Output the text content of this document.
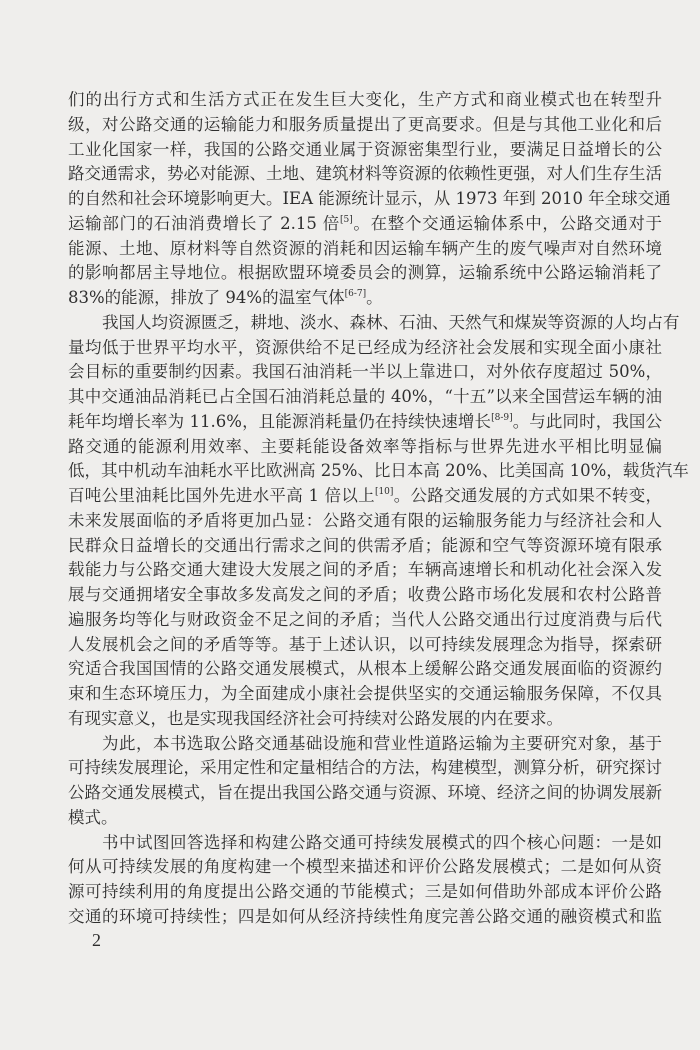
们的出行方式和生活方式正在发生巨大变化，生产方式和商业模式也在转型升
级，对公路交通的运输能力和服务质量提出了更高要求。但是与其他工业化和后
工业化国家一样，我国的公路交通业属于资源密集型行业，要满足日益增长的公
路交通需求，势必对能源、土地、建筑材料等资源的依赖性更强，对人们生存生活
的自然和社会环境影响更大。IEA 能源统计显示，从 1973 年到 2010 年全球交通
运输部门的石油消费增长了 2.15 倍[5]。在整个交通运输体系中，公路交通对于
能源、土地、原材料等自然资源的消耗和因运输车辆产生的废气噪声对自然环境
的影响都居主导地位。根据欧盟环境委员会的测算，运输系统中公路运输消耗了
83%的能源，排放了 94%的温室气体[6-7]。
我国人均资源匮乏，耕地、淡水、森林、石油、天然气和煤炭等资源的人均占有
量均低于世界平均水平，资源供给不足已经成为经济社会发展和实现全面小康社
会目标的重要制约因素。我国石油消耗一半以上靠进口，对外依存度超过 50%，
其中交通油品消耗已占全国石油消耗总量的 40%，“十五”以来全国营运车辆的油
耗年均增长率为 11.6%，且能源消耗量仍在持续快速增长[8-9]。与此同时，我国公
路交通的能源利用效率、主要耗能设备效率等指标与世界先进水平相比明显偏
低，其中机动车油耗水平比欧洲高 25%、比日本高 20%、比美国高 10%，载货汽车
百吨公里油耗比国外先进水平高 1 倍以上[10]。公路交通发展的方式如果不转变，
未来发展面临的矛盾将更加凸显：公路交通有限的运输服务能力与经济社会和人
民群众日益增长的交通出行需求之间的供需矛盾；能源和空气等资源环境有限承
载能力与公路交通大建设大发展之间的矛盾；车辆高速增长和机动化社会深入发
展与交通拥堵安全事故多发高发之间的矛盾；收费公路市场化发展和农村公路普
遍服务均等化与财政资金不足之间的矛盾；当代人公路交通出行过度消费与后代
人发展机会之间的矛盾等等。基于上述认识，以可持续发展理念为指导，探索研
究适合我国国情的公路交通发展模式，从根本上缓解公路交通发展面临的资源约
束和生态环境压力，为全面建成小康社会提供坚实的交通运输服务保障，不仅具
有现实意义，也是实现我国经济社会可持续对公路发展的内在要求。
为此，本书选取公路交通基础设施和营业性道路运输为主要研究对象，基于
可持续发展理论，采用定性和定量相结合的方法，构建模型，测算分析，研究探讨
公路交通发展模式，旨在提出我国公路交通与资源、环境、经济之间的协调发展新
模式。
书中试图回答选择和构建公路交通可持续发展模式的四个核心问题：一是如
何从可持续发展的角度构建一个模型来描述和评价公路发展模式；二是如何从资
源可持续利用的角度提出公路交通的节能模式；三是如何借助外部成本评价公路
交通的环境可持续性；四是如何从经济持续性角度完善公路交通的融资模式和监
2
